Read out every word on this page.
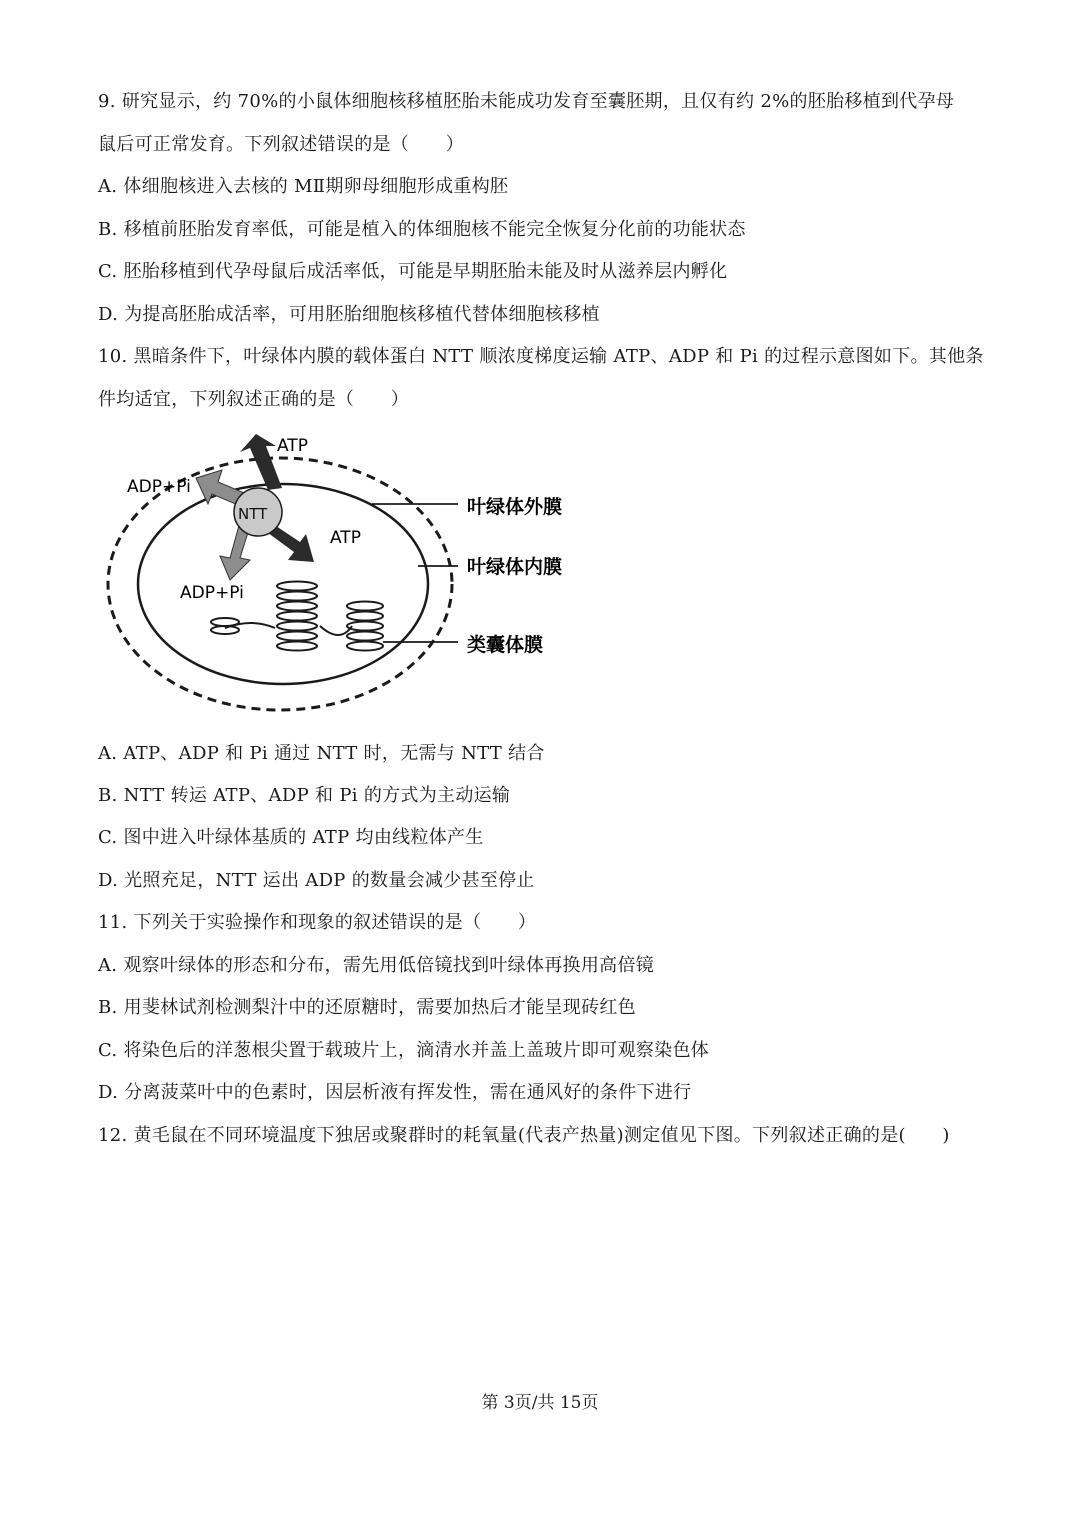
9. 研究显示，约 70%的小鼠体细胞核移植胚胎未能成功发育至囊胚期，且仅有约 2%的胚胎移植到代孕母
鼠后可正常发育。下列叙述错误的是（　　）
A. 体细胞核进入去核的 MⅡ期卵母细胞形成重构胚
B. 移植前胚胎发育率低，可能是植入的体细胞核不能完全恢复分化前的功能状态
C. 胚胎移植到代孕母鼠后成活率低，可能是早期胚胎未能及时从滋养层内孵化
D. 为提高胚胎成活率，可用胚胎细胞核移植代替体细胞核移植
10. 黑暗条件下，叶绿体内膜的载体蛋白 NTT 顺浓度梯度运输 ATP、ADP 和 Pi 的过程示意图如下。其他条
件均适宜，下列叙述正确的是（　　）
NTT
ATP
ADP+Pi
ATP
ADP+Pi
叶绿体外膜
叶绿体内膜
类囊体膜
A. ATP、ADP 和 Pi 通过 NTT 时，无需与 NTT 结合
B. NTT 转运 ATP、ADP 和 Pi 的方式为主动运输
C. 图中进入叶绿体基质的 ATP 均由线粒体产生
D. 光照充足，NTT 运出 ADP 的数量会减少甚至停止
11. 下列关于实验操作和现象的叙述错误的是（　　）
A. 观察叶绿体的形态和分布，需先用低倍镜找到叶绿体再换用高倍镜
B. 用斐林试剂检测梨汁中的还原糖时，需要加热后才能呈现砖红色
C. 将染色后的洋葱根尖置于载玻片上，滴清水并盖上盖玻片即可观察染色体
D. 分离菠菜叶中的色素时，因层析液有挥发性，需在通风好的条件下进行
12. 黄毛鼠在不同环境温度下独居或聚群时的耗氧量(代表产热量)测定值见下图。下列叙述正确的是(　　)
第 3页/共 15页
